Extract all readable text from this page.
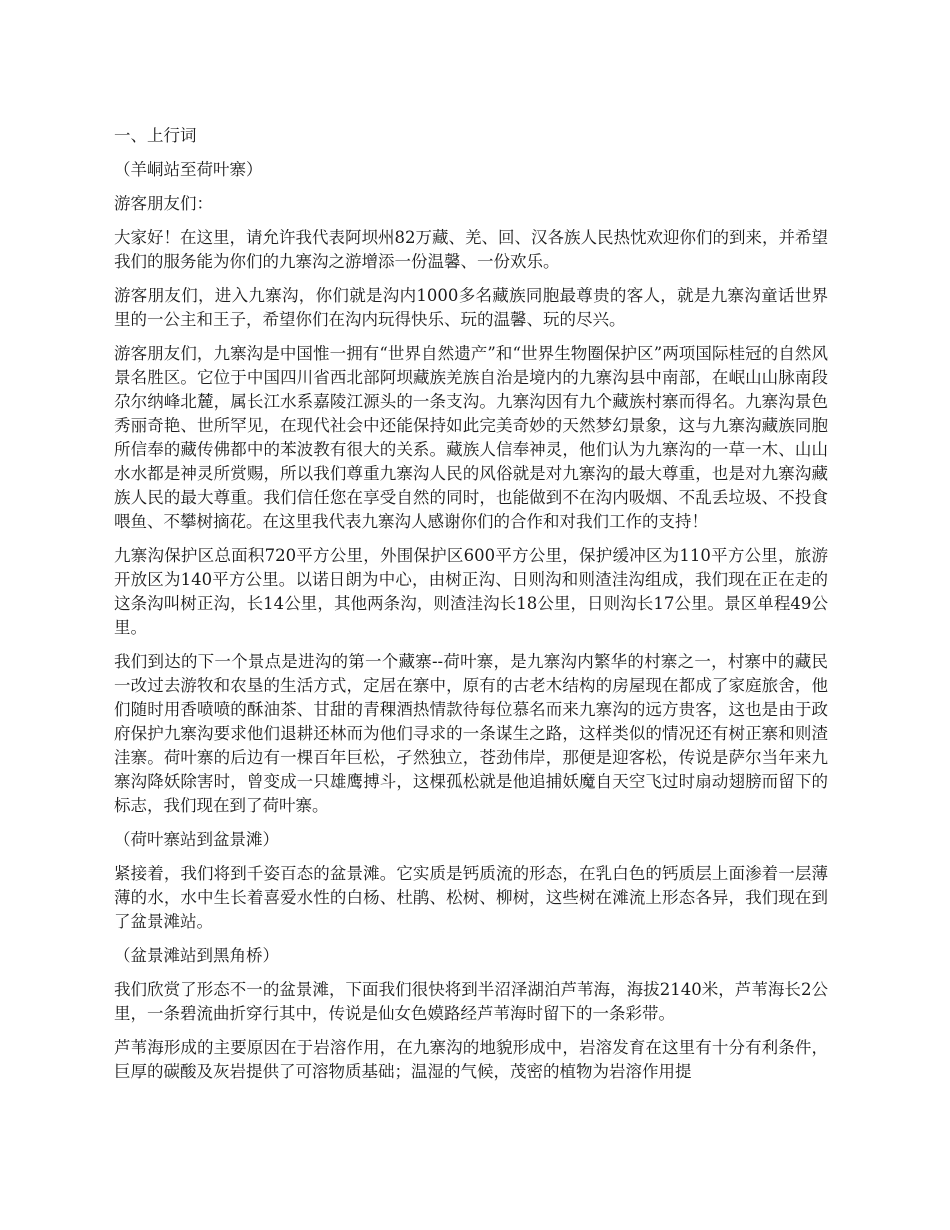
一、上行词

（羊峒站至荷叶寨）

游客朋友们：

大家好！在这里，请允许我代表阿坝州82万藏、羌、回、汉各族人民热忱欢迎你们的到来，并希望我们的服务能为你们的九寨沟之游增添一份温馨、一份欢乐。

游客朋友们，进入九寨沟，你们就是沟内1000多名藏族同胞最尊贵的客人，就是九寨沟童话世界里的一公主和王子，希望你们在沟内玩得快乐、玩的温馨、玩的尽兴。

游客朋友们，九寨沟是中国惟一拥有“世界自然遗产”和“世界生物圈保护区”两项国际桂冠的自然风景名胜区。它位于中国四川省西北部阿坝藏族羌族自治是境内的九寨沟县中南部，在岷山山脉南段尕尔纳峰北麓，属长江水系嘉陵江源头的一条支沟。九寨沟因有九个藏族村寨而得名。九寨沟景色秀丽奇艳、世所罕见，在现代社会中还能保持如此完美奇妙的天然梦幻景象，这与九寨沟藏族同胞所信奉的藏传佛都中的苯波教有很大的关系。藏族人信奉神灵，他们认为九寨沟的一草一木、山山水水都是神灵所赏赐，所以我们尊重九寨沟人民的风俗就是对九寨沟的最大尊重，也是对九寨沟藏族人民的最大尊重。我们信任您在享受自然的同时，也能做到不在沟内吸烟、不乱丢垃圾、不投食喂鱼、不攀树摘花。在这里我代表九寨沟人感谢你们的合作和对我们工作的支持！

九寨沟保护区总面积720平方公里，外围保护区600平方公里，保护缓冲区为110平方公里，旅游开放区为140平方公里。以诺日朗为中心，由树正沟、日则沟和则渣洼沟组成，我们现在正在走的这条沟叫树正沟，长14公里，其他两条沟，则渣洼沟长18公里，日则沟长17公里。景区单程49公里。

我们到达的下一个景点是进沟的第一个藏寨--荷叶寨，是九寨沟内繁华的村寨之一，村寨中的藏民一改过去游牧和农垦的生活方式，定居在寨中，原有的古老木结构的房屋现在都成了家庭旅舍，他们随时用香喷喷的酥油茶、甘甜的青稞酒热情款待每位慕名而来九寨沟的远方贵客，这也是由于政府保护九寨沟要求他们退耕还林而为他们寻求的一条谋生之路，这样类似的情况还有树正寨和则渣洼寨。荷叶寨的后边有一棵百年巨松，孑然独立，苍劲伟岸，那便是迎客松，传说是萨尔当年来九寨沟降妖除害时，曾变成一只雄鹰搏斗，这棵孤松就是他追捕妖魔自天空飞过时扇动翅膀而留下的标志，我们现在到了荷叶寨。

（荷叶寨站到盆景滩）

紧接着，我们将到千姿百态的盆景滩。它实质是钙质流的形态，在乳白色的钙质层上面渗着一层薄薄的水，水中生长着喜爱水性的白杨、杜鹃、松树、柳树，这些树在滩流上形态各异，我们现在到了盆景滩站。

（盆景滩站到黑角桥）

我们欣赏了形态不一的盆景滩，下面我们很快将到半沼泽湖泊芦苇海，海拔2140米，芦苇海长2公里，一条碧流曲折穿行其中，传说是仙女色嫫路经芦苇海时留下的一条彩带。

芦苇海形成的主要原因在于岩溶作用，在九寨沟的地貌形成中，岩溶发育在这里有十分有利条件，巨厚的碳酸及灰岩提供了可溶物质基础；温湿的气候，茂密的植物为岩溶作用提
